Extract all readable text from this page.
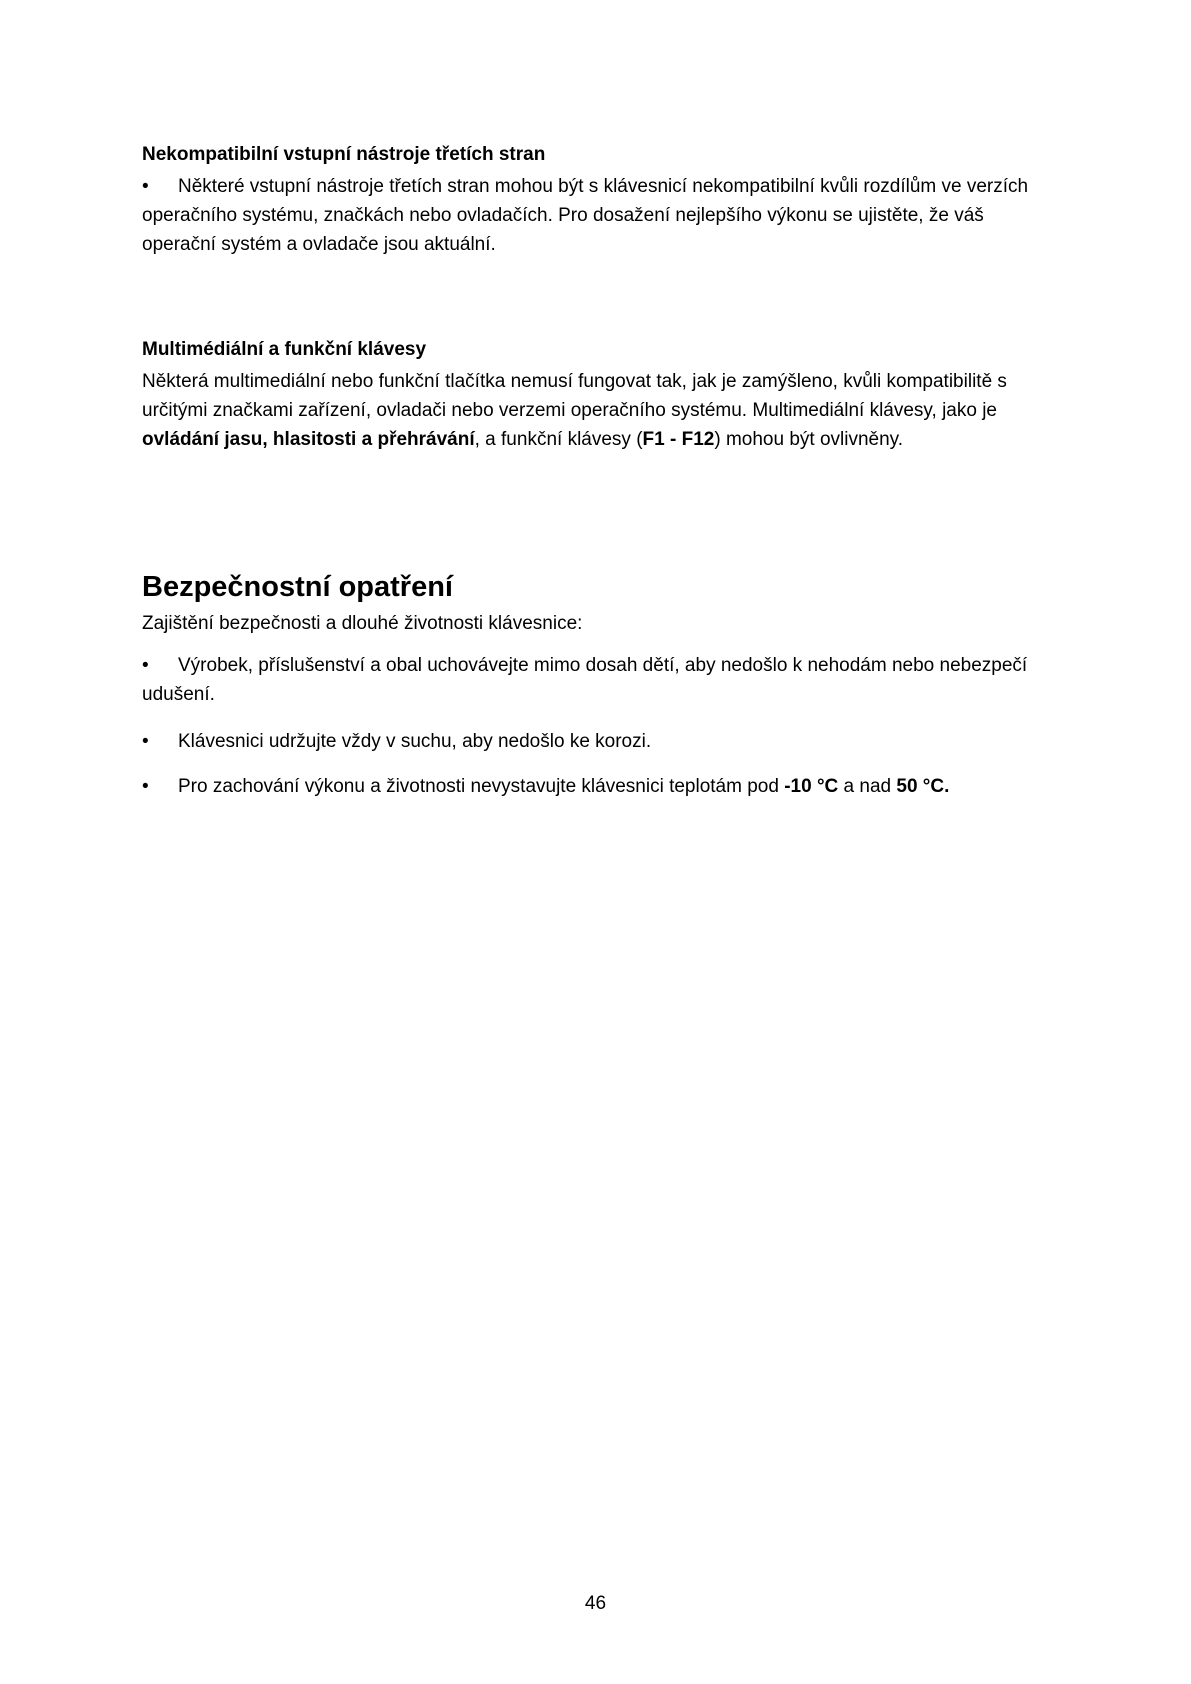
Nekompatibilní vstupní nástroje třetích stran

•	Některé vstupní nástroje třetích stran mohou být s klávesnicí nekompatibilní kvůli rozdílům ve verzích operačního systému, značkách nebo ovladačích. Pro dosažení nejlepšího výkonu se ujistěte, že váš operační systém a ovladače jsou aktuální.

Multimédiální a funkční klávesy

Některá multimediální nebo funkční tlačítka nemusí fungovat tak, jak je zamýšleno, kvůli kompatibilitě s určitými značkami zařízení, ovladači nebo verzemi operačního systému. Multimediální klávesy, jako je ovládání jasu, hlasitosti a přehrávání, a funkční klávesy (F1 - F12) mohou být ovlivněny.

Bezpečnostní opatření

Zajištění bezpečnosti a dlouhé životnosti klávesnice:

•	Výrobek, příslušenství a obal uchovávejte mimo dosah dětí, aby nedošlo k nehodám nebo nebezpečí udušení.

•	Klávesnici udržujte vždy v suchu, aby nedošlo ke korozi.

•	Pro zachování výkonu a životnosti nevystavujte klávesnici teplotám pod -10 °C a nad 50 °C.

46
